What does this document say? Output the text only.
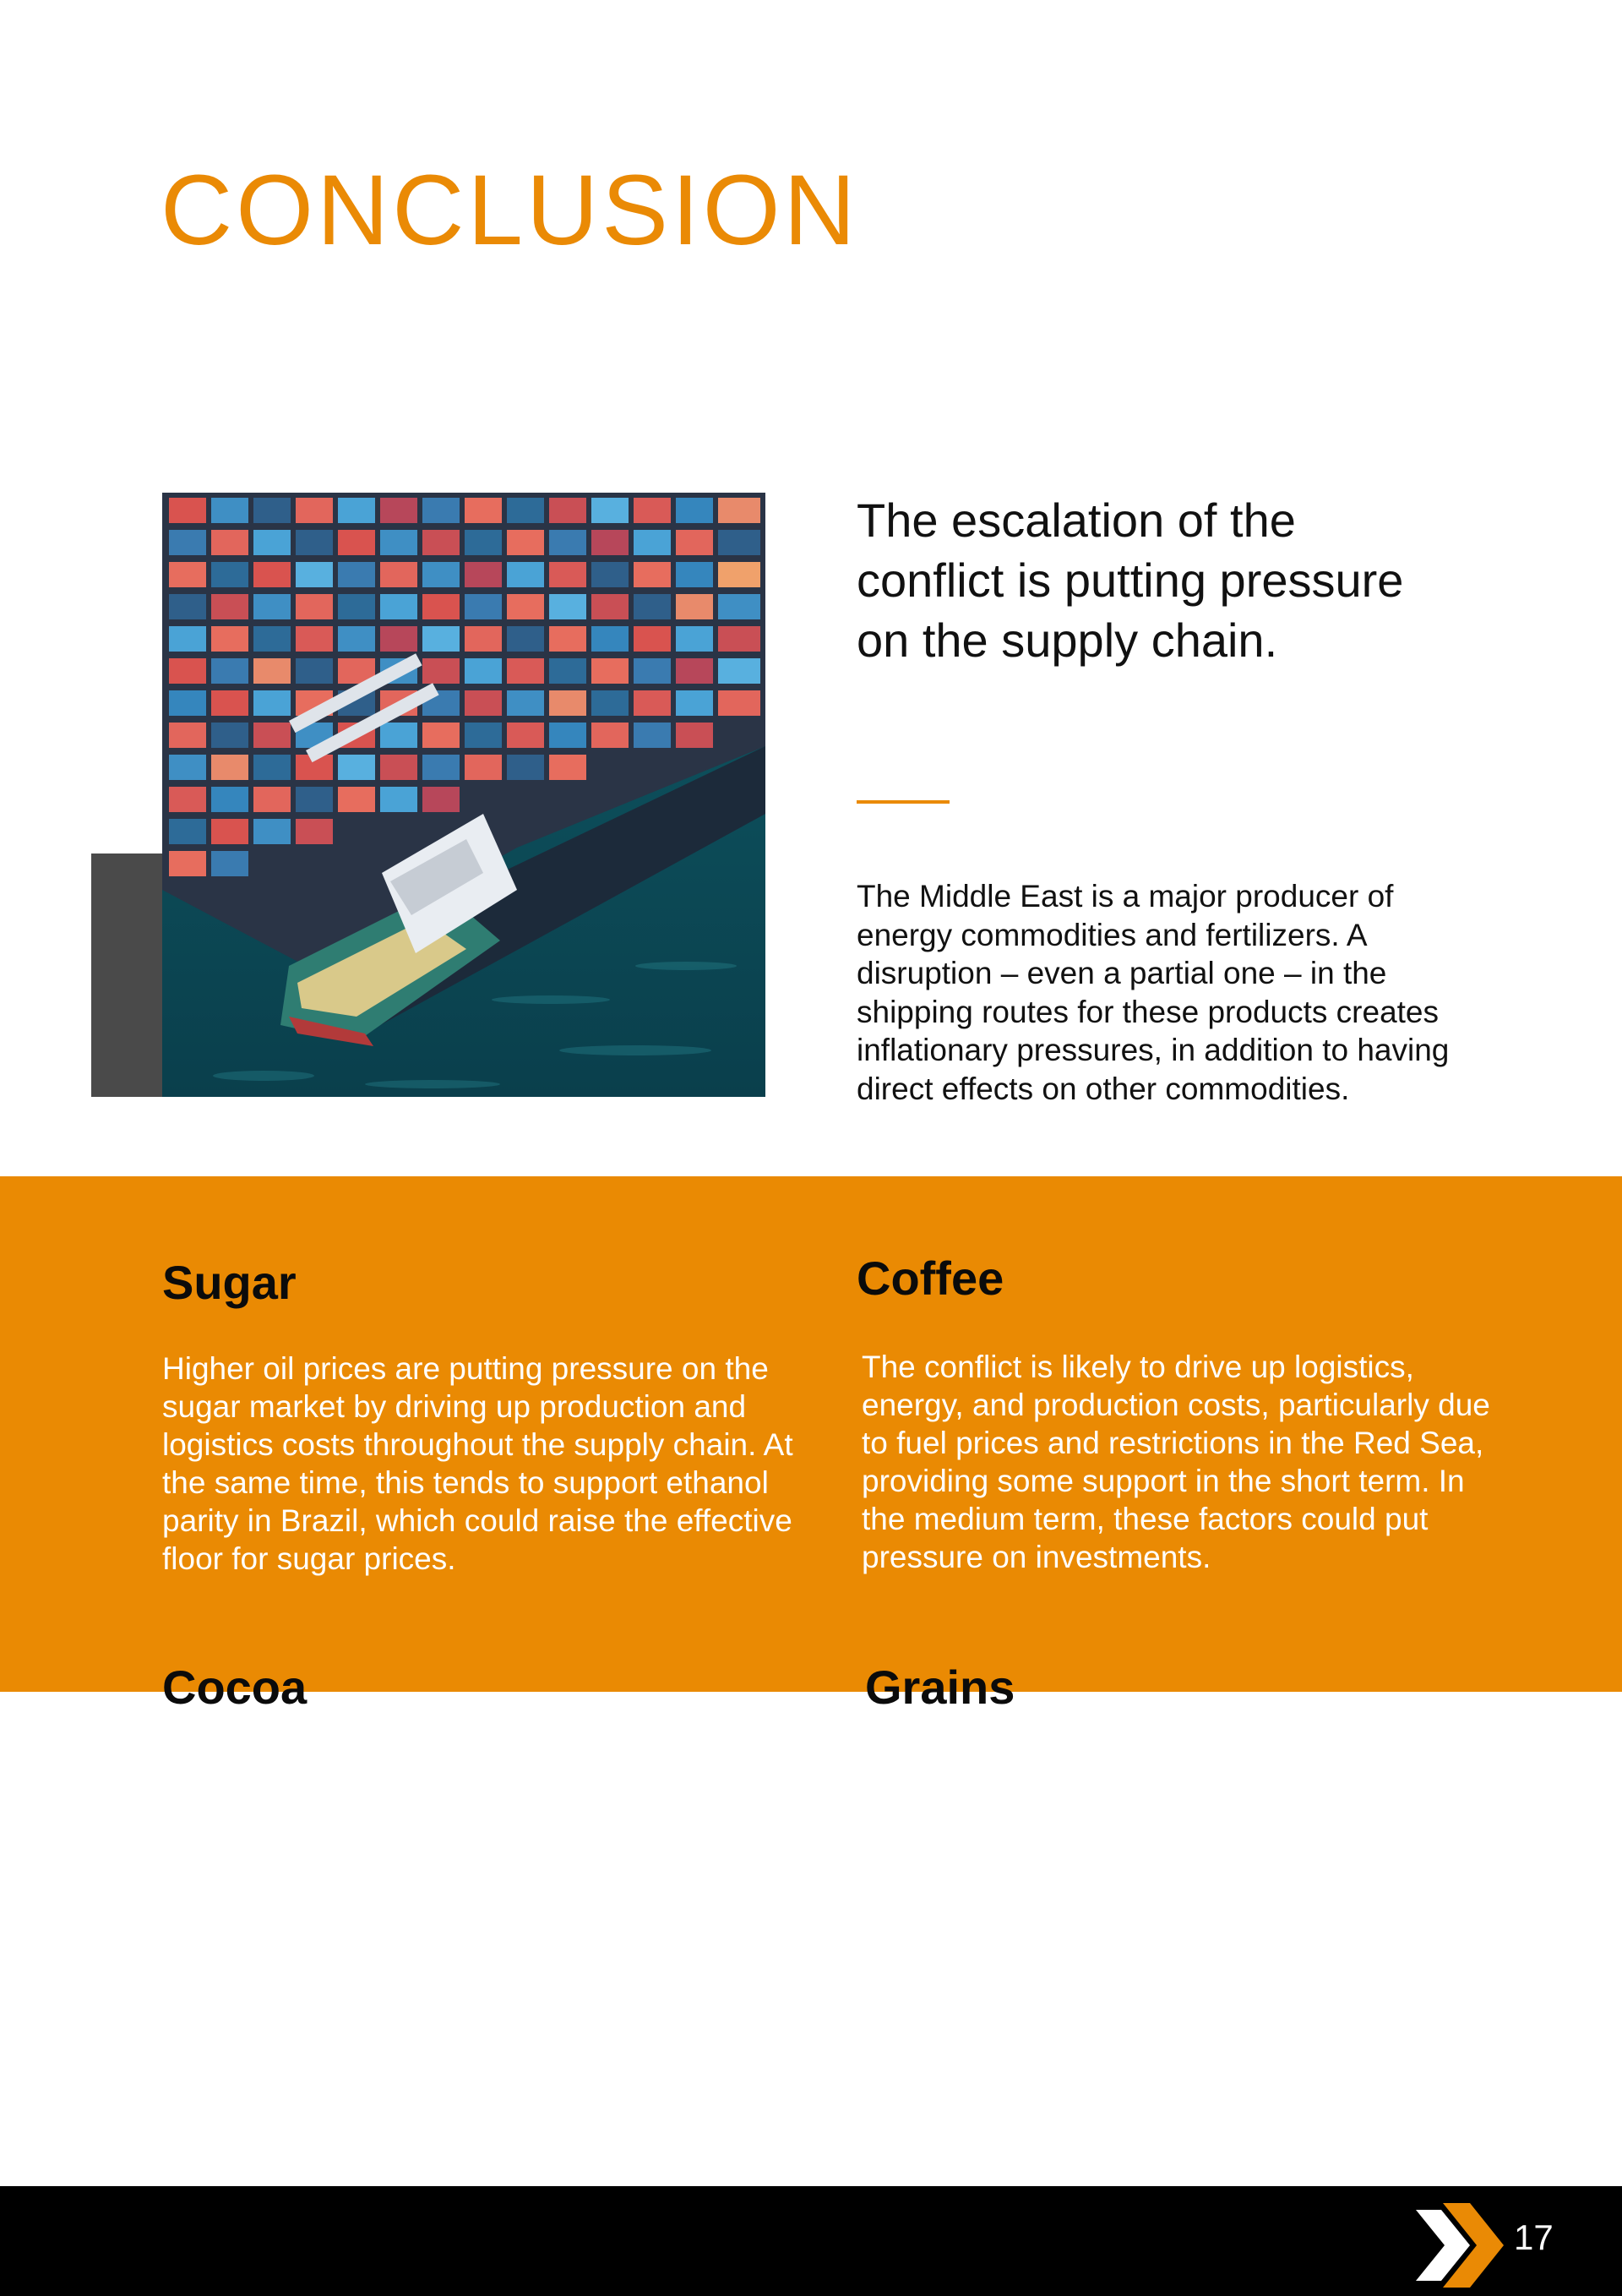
CONCLUSION
The escalation of the conflict is putting pressure on the supply chain.
The Middle East is a major producer of energy commodities and fertilizers. A disruption – even a partial one – in the shipping routes for these products creates inflationary pressures, in addition to having direct effects on other commodities.
Sugar
Higher oil prices are putting pressure on the sugar market by driving up production and logistics costs throughout the supply chain. At the same time, this tends to support ethanol parity in Brazil, which could raise the effective floor for sugar prices.
Coffee
The conflict is likely to drive up logistics, energy, and production costs, particularly due to fuel prices and restrictions in the Red Sea, providing some support in the short term. In the medium term, these factors could put pressure on investments.
Cocoa
The escalation of the conflict has increased logistical and energy costs and risks, indirectly affected the cocoa sector and raised the possibility of adjustments to trade flows in the medium term, particularly in the North American market.
Grains
Some Middle Eastern countries are major markets for Brazilian corn and chicken, but the conflict is creating uncertainty about demand and putting pressure on regional logistics, forcing a search for alternative routes.
17
